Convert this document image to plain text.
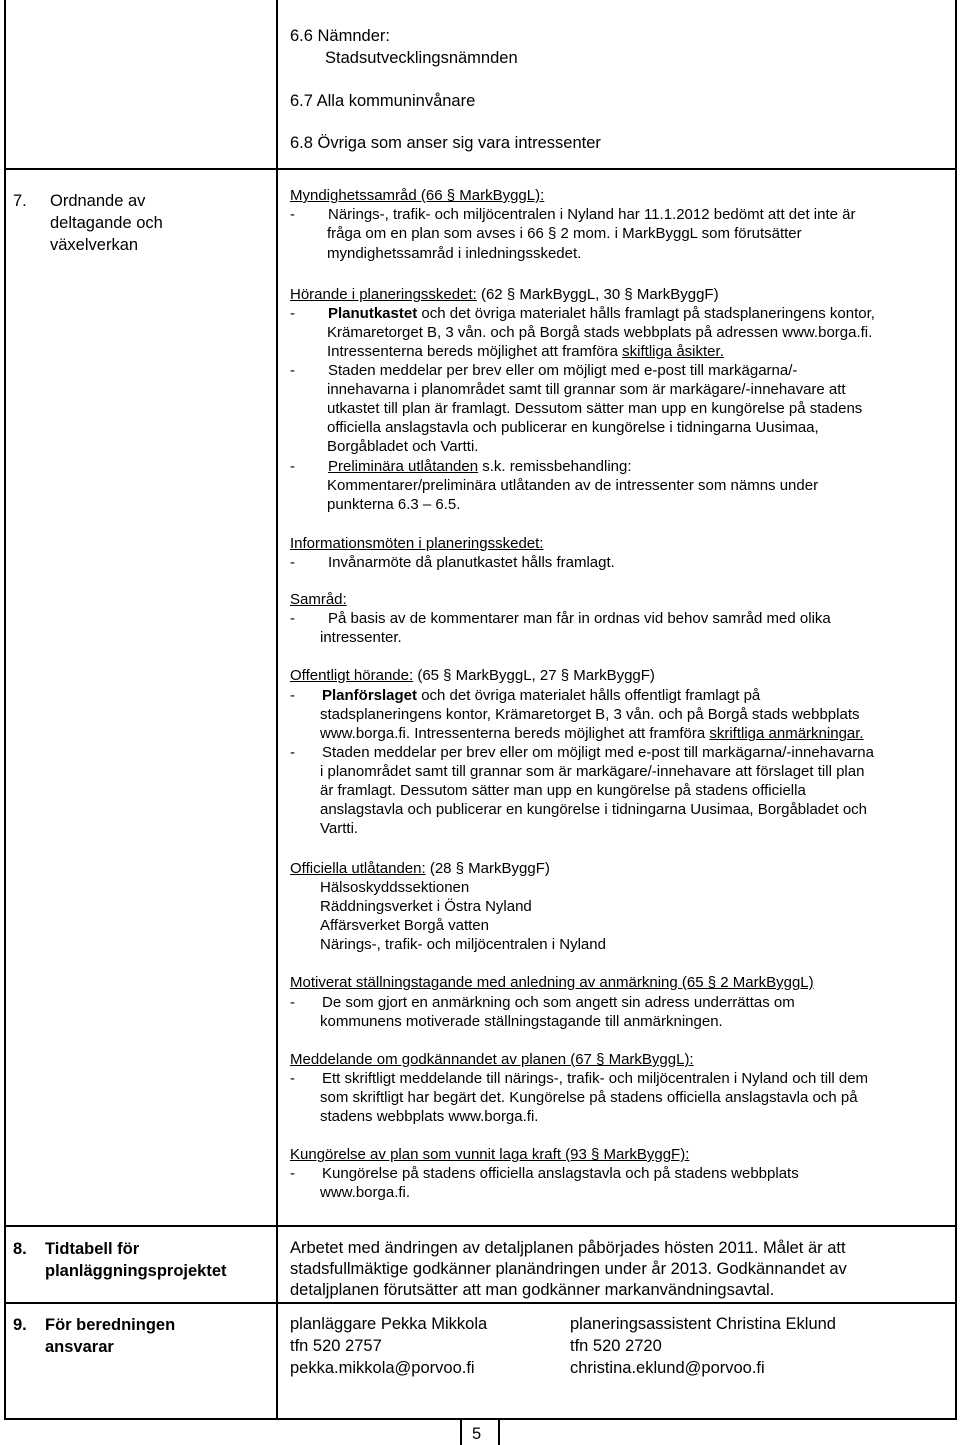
6.6 Nämnder:
Stadsutvecklingsnämnden
6.7 Alla kommuninvånare
6.8 Övriga som anser sig vara intressenter
7. Ordnande av
deltagande och
växelverkan
Myndighetssamråd (66 § MarkByggL):
- Närings-, trafik- och miljöcentralen i Nyland har 11.1.2012 bedömt att det inte är
fråga om en plan som avses i 66 § 2 mom. i MarkByggL som förutsätter
myndighetssamråd i inledningsskedet.
Hörande i planeringsskedet: (62 § MarkByggL, 30 § MarkByggF)
- Planutkastet och det övriga materialet hålls framlagt på stadsplaneringens kontor,
Krämaretorget B, 3 vån. och på Borgå stads webbplats på adressen www.borga.fi.
Intressenterna bereds möjlighet att framföra skiftliga åsikter.
- Staden meddelar per brev eller om möjligt med e-post till markägarna/-
innehavarna i planområdet samt till grannar som är markägare/-innehavare att
utkastet till plan är framlagt. Dessutom sätter man upp en kungörelse på stadens
officiella anslagstavla och publicerar en kungörelse i tidningarna Uusimaa,
Borgåbladet och Vartti.
- Preliminära utlåtanden s.k. remissbehandling:
Kommentarer/preliminära utlåtanden av de intressenter som nämns under
punkterna 6.3 – 6.5.
Informationsmöten i planeringsskedet:
- Invånarmöte då planutkastet hålls framlagt.
Samråd:
- På basis av de kommentarer man får in ordnas vid behov samråd med olika
intressenter.
Offentligt hörande: (65 § MarkByggL, 27 § MarkByggF)
- Planförslaget och det övriga materialet hålls offentligt framlagt på
stadsplaneringens kontor, Krämaretorget B, 3 vån. och på Borgå stads webbplats
www.borga.fi. Intressenterna bereds möjlighet att framföra skriftliga anmärkningar.
- Staden meddelar per brev eller om möjligt med e-post till markägarna/-innehavarna
i planområdet samt till grannar som är markägare/-innehavare att förslaget till plan
är framlagt. Dessutom sätter man upp en kungörelse på stadens officiella
anslagstavla och publicerar en kungörelse i tidningarna Uusimaa, Borgåbladet och
Vartti.
Officiella utlåtanden: (28 § MarkByggF)
Hälsoskyddssektionen
Räddningsverket i Östra Nyland
Affärsverket Borgå vatten
Närings-, trafik- och miljöcentralen i Nyland
Motiverat ställningstagande med anledning av anmärkning (65 § 2 MarkByggL)
- De som gjort en anmärkning och som angett sin adress underrättas om
kommunens motiverade ställningstagande till anmärkningen.
Meddelande om godkännandet av planen (67 § MarkByggL):
- Ett skriftligt meddelande till närings-, trafik- och miljöcentralen i Nyland och till dem
som skriftligt har begärt det. Kungörelse på stadens officiella anslagstavla och på
stadens webbplats www.borga.fi.
Kungörelse av plan som vunnit laga kraft (93 § MarkByggF):
- Kungörelse på stadens officiella anslagstavla och på stadens webbplats
www.borga.fi.
8. Tidtabell för
planläggningsprojektet
Arbetet med ändringen av detaljplanen påbörjades hösten 2011. Målet är att
stadsfullmäktige godkänner planändringen under år 2013. Godkännandet av
detaljplanen förutsätter att man godkänner markanvändningsavtal.
9. För beredningen
ansvarar
planläggare Pekka Mikkola
tfn 520 2757
pekka.mikkola@porvoo.fi
planeringsassistent Christina Eklund
tfn 520 2720
christina.eklund@porvoo.fi
5
